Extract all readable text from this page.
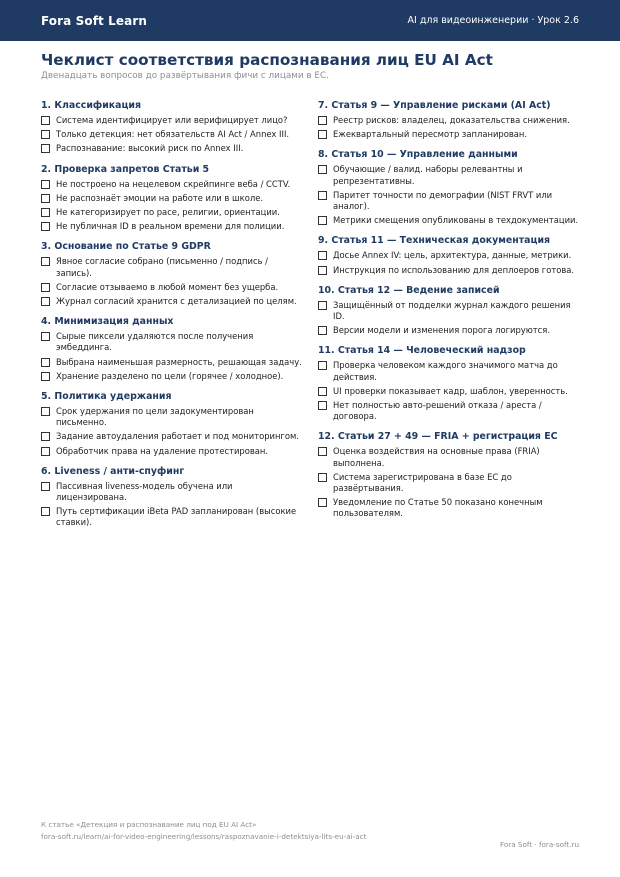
Fora Soft Learn	AI для видеоинженерии · Урок 2.6
Чеклист соответствия распознавания лиц EU AI Act
Двенадцать вопросов до развёртывания фичи с лицами в ЕС.
1. Классификация
Система идентифицирует или верифицирует лицо?
Только детекция: нет обязательств AI Act / Annex III.
Распознавание: высокий риск по Annex III.
2. Проверка запретов Статьи 5
Не построено на нецелевом скрейпинге веба / CCTV.
Не распознаёт эмоции на работе или в школе.
Не категоризирует по расе, религии, ориентации.
Не публичная ID в реальном времени для полиции.
3. Основание по Статье 9 GDPR
Явное согласие собрано (письменно / подпись / запись).
Согласие отзываемо в любой момент без ущерба.
Журнал согласий хранится с детализацией по целям.
4. Минимизация данных
Сырые пиксели удаляются после получения эмбеддинга.
Выбрана наименьшая размерность, решающая задачу.
Хранение разделено по цели (горячее / холодное).
5. Политика удержания
Срок удержания по цели задокументирован письменно.
Задание автоудаления работает и под мониторингом.
Обработчик права на удаление протестирован.
6. Liveness / анти-спуфинг
Пассивная liveness-модель обучена или лицензирована.
Путь сертификации iBeta PAD запланирован (высокие ставки).
7. Статья 9 — Управление рисками (AI Act)
Реестр рисков: владелец, доказательства снижения.
Ежеквартальный пересмотр запланирован.
8. Статья 10 — Управление данными
Обучающие / валид. наборы релевантны и репрезентативны.
Паритет точности по демографии (NIST FRVT или аналог).
Метрики смещения опубликованы в техдокументации.
9. Статья 11 — Техническая документация
Досье Annex IV: цель, архитектура, данные, метрики.
Инструкция по использованию для деплоеров готова.
10. Статья 12 — Ведение записей
Защищённый от подделки журнал каждого решения ID.
Версии модели и изменения порога логируются.
11. Статья 14 — Человеческий надзор
Проверка человеком каждого значимого матча до действия.
UI проверки показывает кадр, шаблон, уверенность.
Нет полностью авто-решений отказа / ареста / договора.
12. Статьи 27 + 49 — FRIA + регистрация ЕС
Оценка воздействия на основные права (FRIA) выполнена.
Система зарегистрирована в базе ЕС до развёртывания.
Уведомление по Статье 50 показано конечным пользователям.
К статье «Детекция и распознавание лиц под EU AI Act»
fora-soft.ru/learn/ai-for-video-engineering/lessons/raspoznavanie-i-detektsiya-lits-eu-ai-act
Fora Soft · fora-soft.ru
